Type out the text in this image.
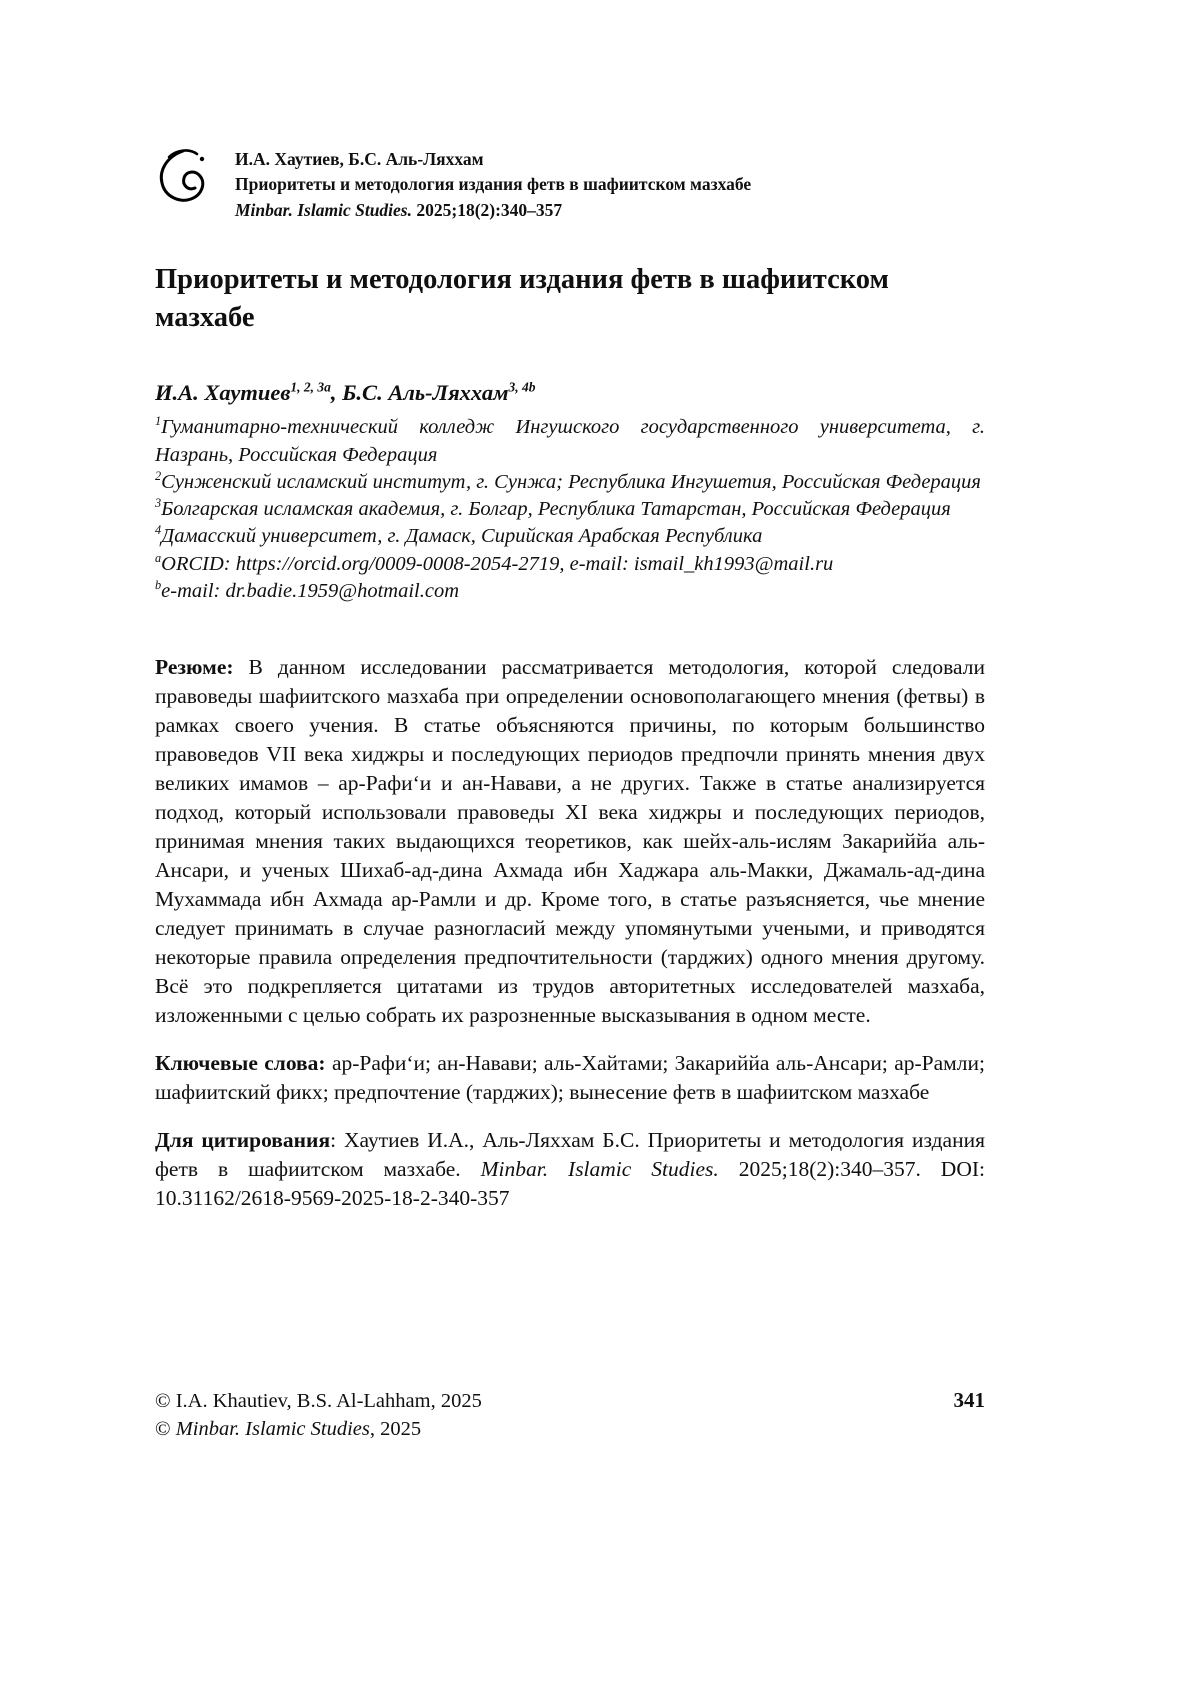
И.А. Хаутиев, Б.С. Аль-Ляххам
Приоритеты и методология издания фетв в шафиитском мазхабе
Minbar. Islamic Studies. 2025;18(2):340–357
Приоритеты и методология издания фетв в шафиитском мазхабе
И.А. Хаутиев$^{1, 2, 3a}$, Б.С. Аль-Ляххам$^{3, 4b}$

$^1$Гуманитарно-технический колледж Ингушского государственного университета, г. Назрань, Российская Федерация

$^2$Сунженский исламский институт, г. Сунжа; Республика Ингушетия, Российская Федерация

$^3$Болгарская исламская академия, г. Болгар, Республика Татарстан, Российская Федерация

$^4$Дамасский университет, г. Дамаск, Сирийская Арабская Республика

$^a$ORCID: https://orcid.org/0009-0008-2054-2719, e-mail: ismail_kh1993@mail.ru

$^b$e-mail: dr.badie.1959@hotmail.com

Резюме: В данном исследовании рассматривается методология, которой следовали правоведы шафиитского мазхаба при определении основополагающего мнения (фетвы) в рамках своего учения. В статье объясняются причины, по которым большинство правоведов VII века хиджры и последующих периодов предпочли принять мнения двух великих имамов – ар-Рафи‘и и ан-Навави, а не других. Также в статье анализируется подход, который использовали правоведы XI века хиджры и последующих периодов, принимая мнения таких выдающихся теоретиков, как шейх-аль-ислям Закариййа аль-Ансари, и ученых Шихаб-ад-дина Ахмада ибн Хаджара аль-Макки, Джамаль-ад-дина Мухаммада ибн Ахмада ар-Рамли и др. Кроме того, в статье разъясняется, чье мнение следует принимать в случае разногласий между упомянутыми учеными, и приводятся некоторые правила определения предпочтительности (тарджих) одного мнения другому. Всё это подкрепляется цитатами из трудов авторитетных исследователей мазхаба, изложенными с целью собрать их разрозненные высказывания в одном месте.

Ключевые слова: ар-Рафи‘и; ан-Навави; аль-Хайтами; Закариййа аль-Ансари; ар-Рамли; шафиитский фикх; предпочтение (тарджих); вынесение фетв в шафиитском мазхабе

Для цитирования: Хаутиев И.А., Аль-Ляххам Б.С. Приоритеты и методология издания фетв в шафиитском мазхабе. Minbar. Islamic Studies. 2025;18(2):340–357. DOI: 10.31162/2618-9569-2025-18-2-340-357

© I.A. Khautiev, B.S. Al-Lahham, 2025	341
© Minbar. Islamic Studies, 2025
